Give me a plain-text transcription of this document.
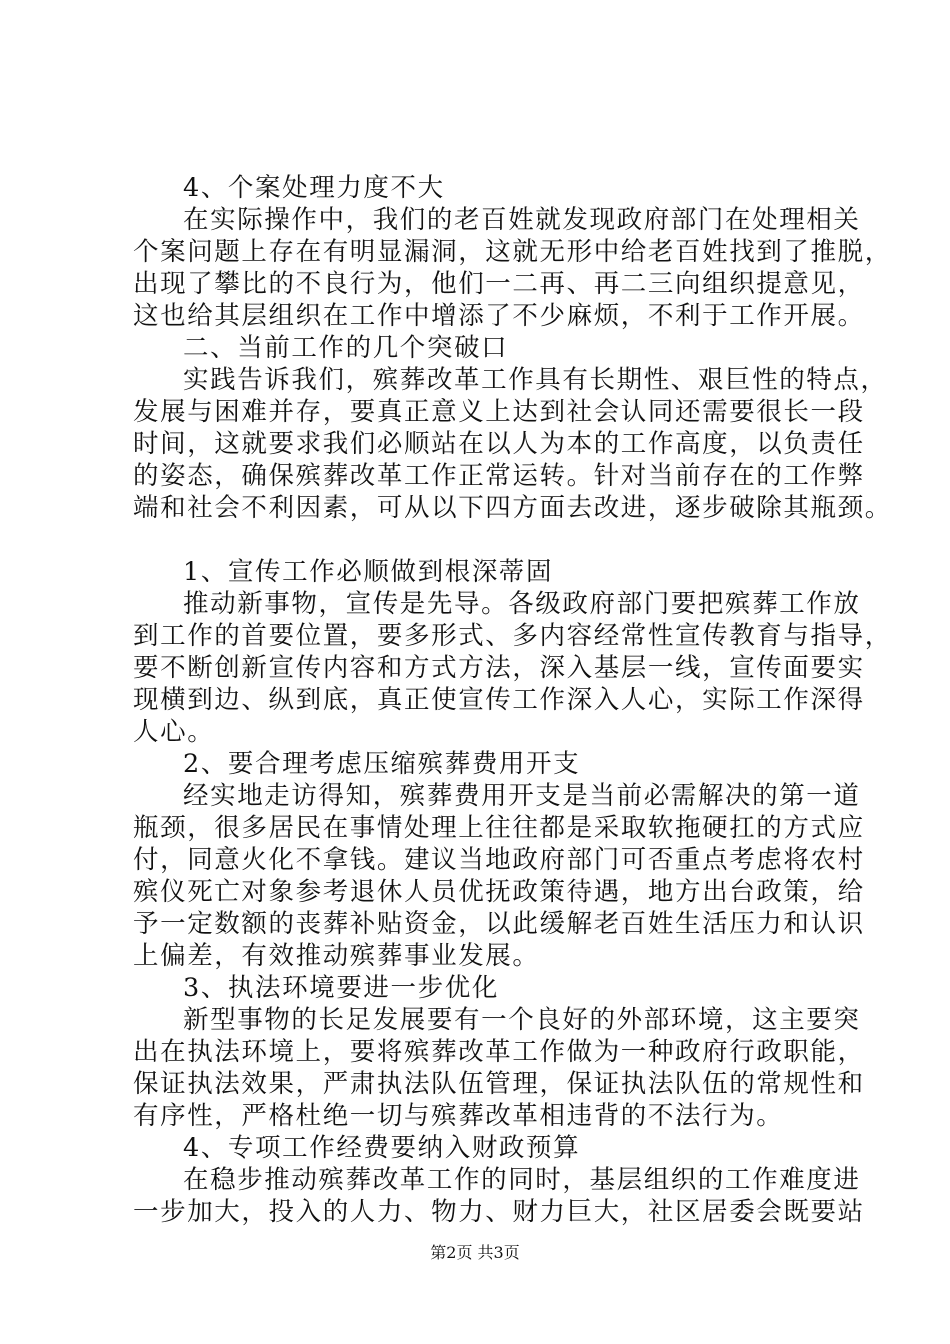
4、个案处理力度不大
在实际操作中，我们的老百姓就发现政府部门在处理相关
个案问题上存在有明显漏洞，这就无形中给老百姓找到了推脱，
出现了攀比的不良行为，他们一二再、再二三向组织提意见，
这也给其层组织在工作中增添了不少麻烦，不利于工作开展。
二、当前工作的几个突破口
实践告诉我们，殡葬改革工作具有长期性、艰巨性的特点，
发展与困难并存，要真正意义上达到社会认同还需要很长一段
时间，这就要求我们必顺站在以人为本的工作高度，以负责任
的姿态，确保殡葬改革工作正常运转。针对当前存在的工作弊
端和社会不利因素，可从以下四方面去改进，逐步破除其瓶颈。
1、宣传工作必顺做到根深蒂固
推动新事物，宣传是先导。各级政府部门要把殡葬工作放
到工作的首要位置，要多形式、多内容经常性宣传教育与指导，
要不断创新宣传内容和方式方法，深入基层一线，宣传面要实
现横到边、纵到底，真正使宣传工作深入人心，实际工作深得
人心。
2、要合理考虑压缩殡葬费用开支
经实地走访得知，殡葬费用开支是当前必需解决的第一道
瓶颈，很多居民在事情处理上往往都是采取软拖硬扛的方式应
付，同意火化不拿钱。建议当地政府部门可否重点考虑将农村
殡仪死亡对象参考退休人员优抚政策待遇，地方出台政策，给
予一定数额的丧葬补贴资金，以此缓解老百姓生活压力和认识
上偏差，有效推动殡葬事业发展。
3、执法环境要进一步优化
新型事物的长足发展要有一个良好的外部环境，这主要突
出在执法环境上，要将殡葬改革工作做为一种政府行政职能，
保证执法效果，严肃执法队伍管理，保证执法队伍的常规性和
有序性，严格杜绝一切与殡葬改革相违背的不法行为。
4、专项工作经费要纳入财政预算
在稳步推动殡葬改革工作的同时，基层组织的工作难度进
一步加大，投入的人力、物力、财力巨大，社区居委会既要站
第2页 共3页
